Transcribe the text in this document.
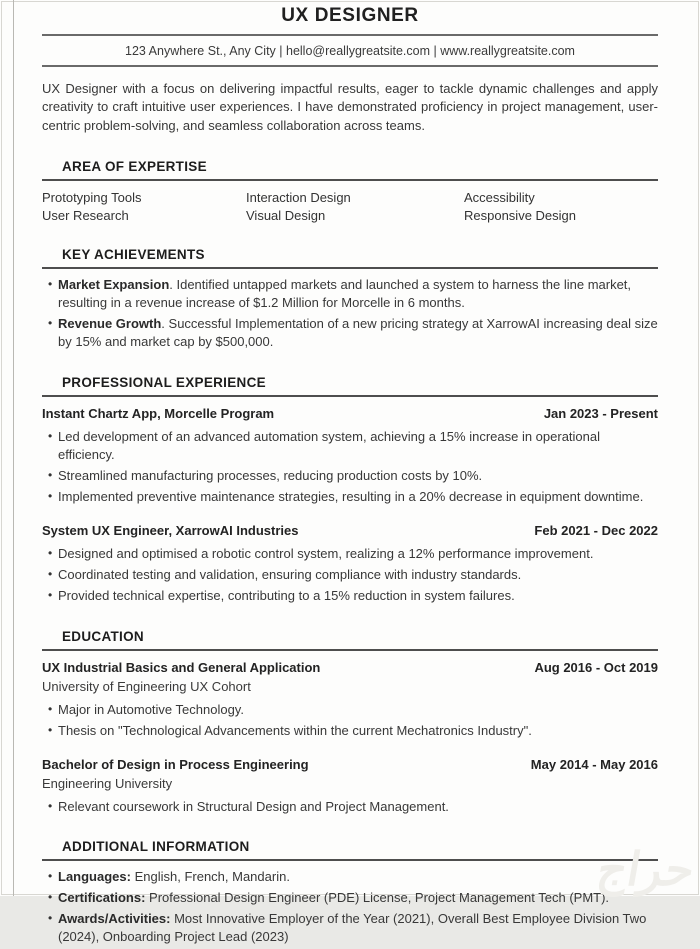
UX DESIGNER
123 Anywhere St., Any City | hello@reallygreatsite.com | www.reallygreatsite.com
UX Designer with a focus on delivering impactful results, eager to tackle dynamic challenges and apply creativity to craft intuitive user experiences. I have demonstrated proficiency in project management, user-centric problem-solving, and seamless collaboration across teams.
AREA OF EXPERTISE
Prototyping Tools	Interaction Design	Accessibility
User Research	Visual Design	Responsive Design
KEY ACHIEVEMENTS
• Market Expansion. Identified untapped markets and launched a system to harness the line market, resulting in a revenue increase of $1.2 Million for Morcelle in 6 months.
• Revenue Growth. Successful Implementation of a new pricing strategy at XarrowAI increasing deal size by 15% and market cap by $500,000.
PROFESSIONAL EXPERIENCE
Instant Chartz App, Morcelle Program	Jan 2023 - Present
• Led development of an advanced automation system, achieving a 15% increase in operational efficiency.
• Streamlined manufacturing processes, reducing production costs by 10%.
• Implemented preventive maintenance strategies, resulting in a 20% decrease in equipment downtime.
System UX Engineer, XarrowAI Industries	Feb 2021 - Dec 2022
• Designed and optimised a robotic control system, realizing a 12% performance improvement.
• Coordinated testing and validation, ensuring compliance with industry standards.
• Provided technical expertise, contributing to a 15% reduction in system failures.
EDUCATION
UX Industrial Basics and General Application	Aug 2016 - Oct 2019
University of Engineering UX Cohort
• Major in Automotive Technology.
• Thesis on "Technological Advancements within the current Mechatronics Industry".
Bachelor of Design in Process Engineering	May 2014 - May 2016
Engineering University
• Relevant coursework in Structural Design and Project Management.
ADDITIONAL INFORMATION
• Languages: English, French, Mandarin.
• Certifications: Professional Design Engineer (PDE) License, Project Management Tech (PMT).
• Awards/Activities: Most Innovative Employer of the Year (2021), Overall Best Employee Division Two (2024), Onboarding Project Lead (2023)
حراج
